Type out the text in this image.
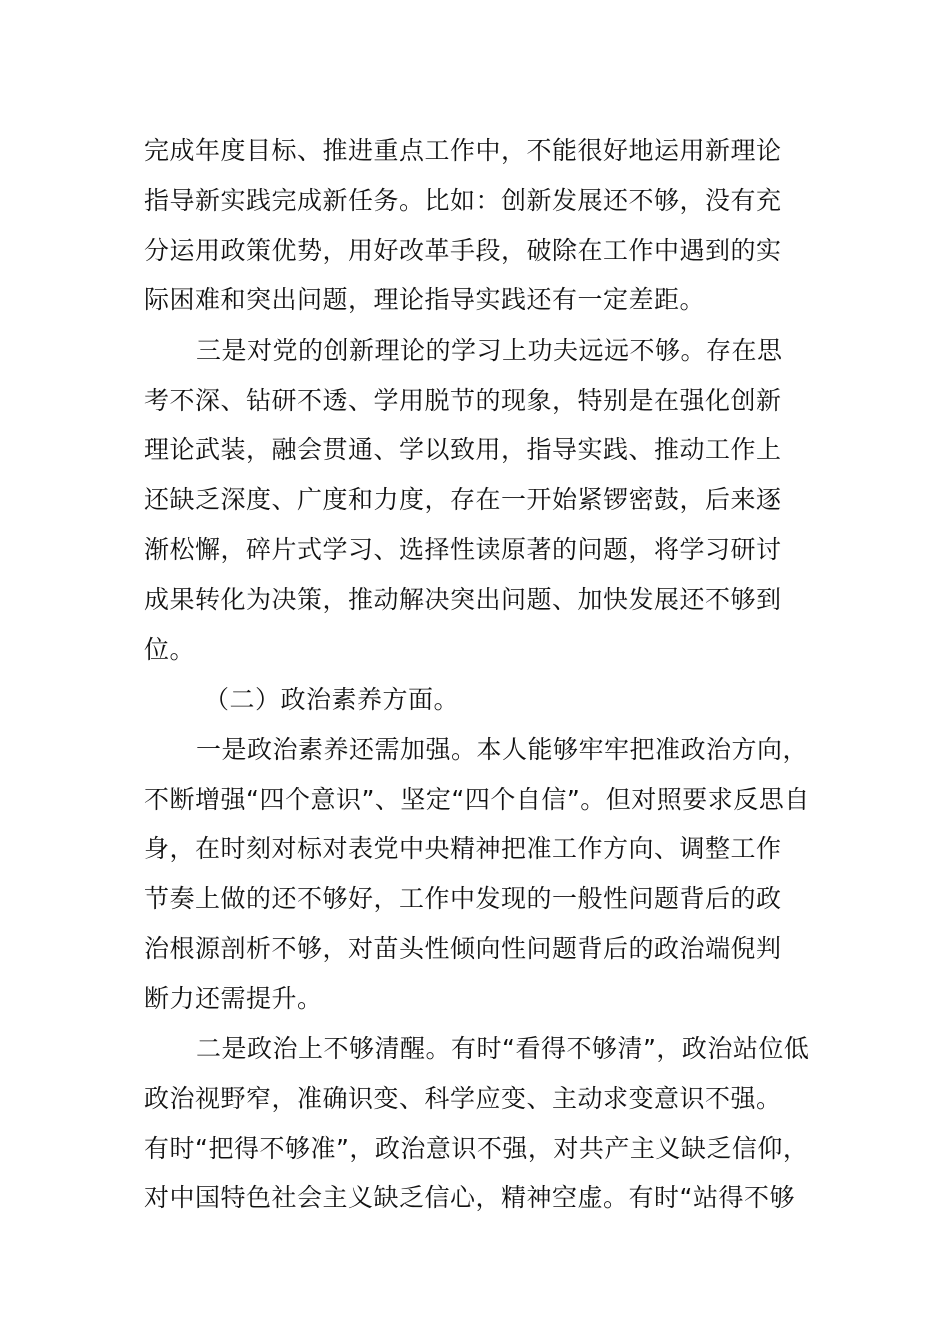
完成年度目标、推进重点工作中，不能很好地运用新理论
指导新实践完成新任务。比如：创新发展还不够，没有充
分运用政策优势，用好改革手段，破除在工作中遇到的实
际困难和突出问题，理论指导实践还有一定差距。
三是对党的创新理论的学习上功夫远远不够。存在思
考不深、钻研不透、学用脱节的现象，特别是在强化创新
理论武装，融会贯通、学以致用，指导实践、推动工作上
还缺乏深度、广度和力度，存在一开始紧锣密鼓，后来逐
渐松懈，碎片式学习、选择性读原著的问题，将学习研讨
成果转化为决策，推动解决突出问题、加快发展还不够到
位。
（二）政治素养方面。
一是政治素养还需加强。本人能够牢牢把准政治方向，
不断增强“四个意识”、坚定“四个自信”。但对照要求反思自
身，在时刻对标对表党中央精神把准工作方向、调整工作
节奏上做的还不够好，工作中发现的一般性问题背后的政
治根源剖析不够，对苗头性倾向性问题背后的政治端倪判
断力还需提升。
二是政治上不够清醒。有时“看得不够清”，政治站位低
政治视野窄，准确识变、科学应变、主动求变意识不强。
有时“把得不够准”，政治意识不强，对共产主义缺乏信仰，
对中国特色社会主义缺乏信心，精神空虚。有时“站得不够
